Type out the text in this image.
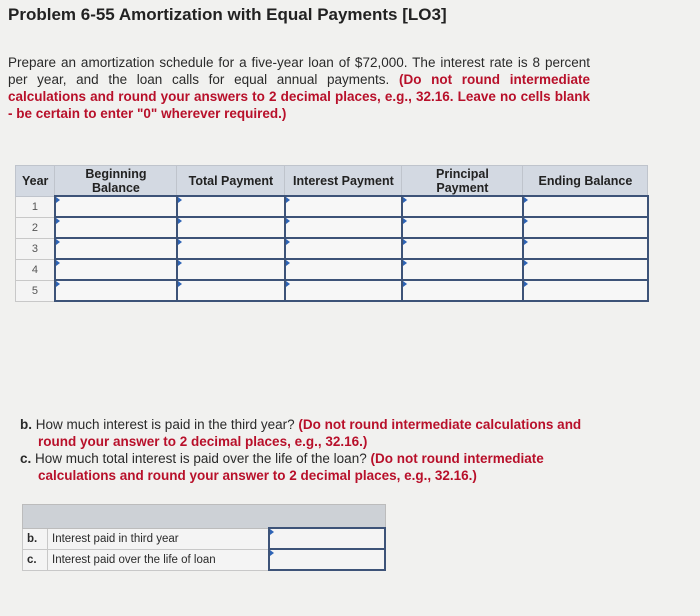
Problem 6-55 Amortization with Equal Payments [LO3]
Prepare an amortization schedule for a five-year loan of $72,000. The interest rate is 8 percent per year, and the loan calls for equal annual payments. (Do not round intermediate calculations and round your answers to 2 decimal places, e.g., 32.16. Leave no cells blank - be certain to enter "0" wherever required.)
Year	Beginning Balance	Total Payment	Interest Payment	Principal Payment	Ending Balance
1					
2					
3					
4					
5					
b. How much interest is paid in the third year? (Do not round intermediate calculations and round your answer to 2 decimal places, e.g., 32.16.)
c. How much total interest is paid over the life of the loan? (Do not round intermediate calculations and round your answer to 2 decimal places, e.g., 32.16.)

b.	Interest paid in third year	
c.	Interest paid over the life of loan	
